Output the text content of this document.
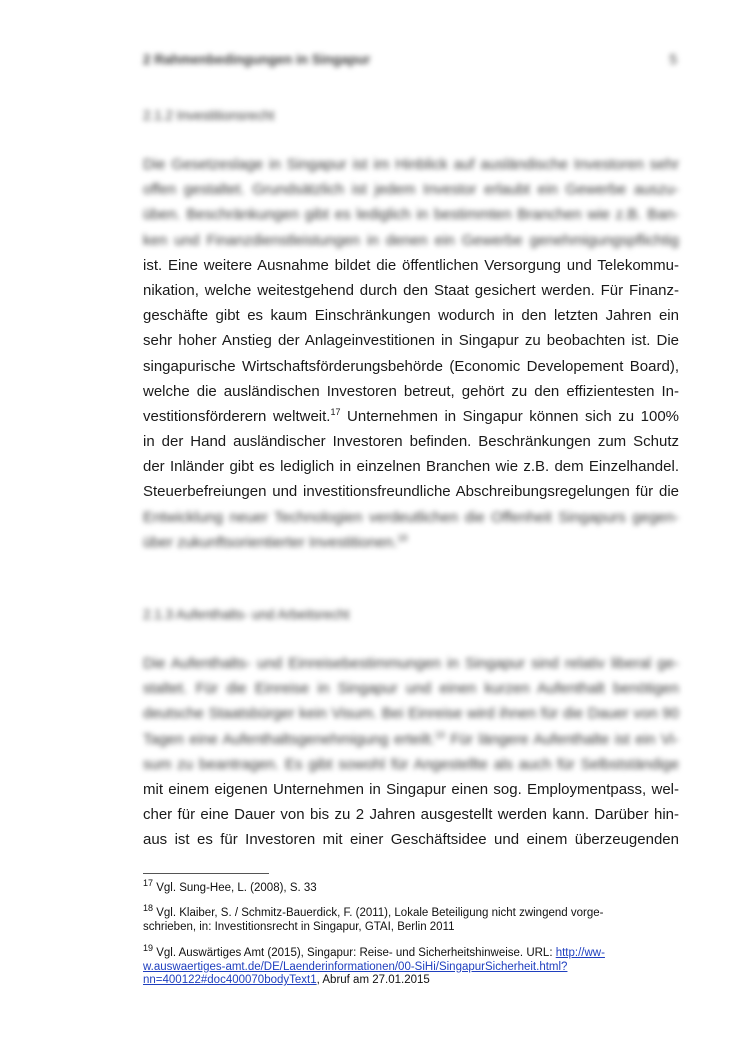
2 Rahmenbedingungen in Singapur	5
2.1.2 Investitionsrecht
Die Gesetzeslage in Singapur ist im Hinblick auf ausländische Investoren sehr
offen gestaltet. Grundsätzlich ist jedem Investor erlaubt ein Gewerbe auszu-
üben. Beschränkungen gibt es lediglich in bestimmten Branchen wie z.B. Ban-
ken und Finanzdienstleistungen in denen ein Gewerbe genehmigungspflichtig
ist. Eine weitere Ausnahme bildet die öffentlichen Versorgung und Telekommu-
nikation, welche weitestgehend durch den Staat gesichert werden. Für Finanz-
geschäfte gibt es kaum Einschränkungen wodurch in den letzten Jahren ein
sehr hoher Anstieg der Anlageinvestitionen in Singapur zu beobachten ist. Die
singapurische Wirtschaftsförderungsbehörde (Economic Developement Board),
welche die ausländischen Investoren betreut, gehört zu den effizientesten In-
vestitionsförderern weltweit.$^{17}$ Unternehmen in Singapur können sich zu 100%
in der Hand ausländischer Investoren befinden. Beschränkungen zum Schutz
der Inländer gibt es lediglich in einzelnen Branchen wie z.B. dem Einzelhandel.
Steuerbefreiungen und investitionsfreundliche Abschreibungsregelungen für die
Entwicklung neuer Technologien verdeutlichen die Offenheit Singapurs gegen-
über zukunftsorientierter Investitionen.$^{18}$
2.1.3 Aufenthalts- und Arbeitsrecht
Die Aufenthalts- und Einreisebestimmungen in Singapur sind relativ liberal ge-
staltet. Für die Einreise in Singapur und einen kurzen Aufenthalt benötigen
deutsche Staatsbürger kein Visum. Bei Einreise wird ihnen für die Dauer von 90
Tagen eine Aufenthaltsgenehmigung erteilt.$^{19}$ Für längere Aufenthalte ist ein Vi-
sum zu beantragen. Es gibt sowohl für Angestellte als auch für Selbstständige
mit einem eigenen Unternehmen in Singapur einen sog. Employmentpass, wel-
cher für eine Dauer von bis zu 2 Jahren ausgestellt werden kann. Darüber hin-
aus ist es für Investoren mit einer Geschäftsidee und einem überzeugenden
$^{17}$ Vgl. Sung-Hee, L. (2008), S. 33
$^{18}$ Vgl. Klaiber, S. / Schmitz-Bauerdick, F. (2011), Lokale Beteiligung nicht zwingend vorge-
schrieben, in: Investitionsrecht in Singapur, GTAI, Berlin 2011
$^{19}$ Vgl. Auswärtiges Amt (2015), Singapur: Reise- und Sicherheitshinweise. URL: http://ww-
w.auswaertiges-amt.de/DE/Laenderinformationen/00-SiHi/SingapurSicherheit.html?
nn=400122#doc400070bodyText1, Abruf am 27.01.2015
